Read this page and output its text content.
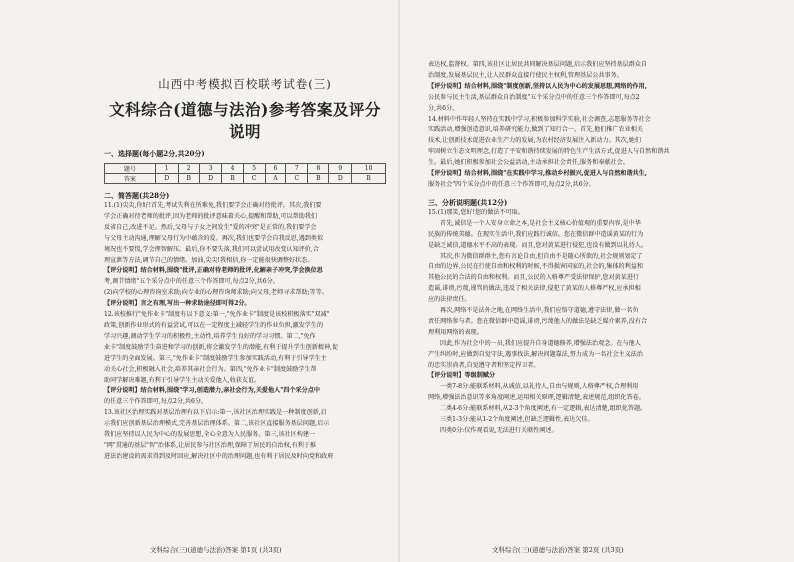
山西中考模拟百校联考试卷(三)
文科综合(道德与法治)参考答案及评分说明
一、选择题(每小题2分,共20分)
题号	1	2	3	4	5	6	7	8	9	10
答案	D	B	D	B	C	A	C	B	D	B
二、简答题(共28分)

11.(1)尖尖,你好!首先,考试失利在所难免,我们要学会正确对待批评。其次,我们要

学会正确对待老师的批评,因为老师的批评意味着关心,提醒和帮助,可以帮助我们

反省自己,改进不足。然后,父母与子女之间发生"爱的冲突"是正常的,我们要学会

与父母主动沟通,理解父母行为中蕴含的爱。再次,我们也要学会自我反思,遇到类似

境况也不要慌,学会理智解压。最后,你不要失落,我们可以尝试用改变认知评价,合

理宣泄等方法,调节自己的情绪。加油,尖尖!我相信,你一定能很快调整好状态。

【评分说明】结合材料,围绕"批评,正确对待老师的批评,化解亲子冲突,学会换位思

考,调节情绪"五个采分点中的任意三个作答即可,每点2分,共6分。

(2)向学校的心理咨询室求助;向专业的心理咨询师求助;向父母,老师寻求帮助;等等。

【评分说明】言之有理,写出一种求助途径即可得2分。

12.该校推行"免作业卡"制度有以下意义:第一,"免作业卡"制度是该校积极落实"双减"

政策,创新作业形式的有益尝试,可以在一定程度上减轻学生的作业负担,激发学生的

学习兴趣,调动学生学习的积极性,主动性,培养学生良好的学习习惯。第二,"免作

业卡"制度鼓励学生奋进和学习的创新,将会激发学生的潜能,有利于提升学生创新精神,促

进学生的全面发展。第三,"免作业卡"制度鼓励学生参加实践活动,有利于引导学生主

动关心社会,积极融入社会,培养其亲社会行为。第四,"免作业卡"制度鼓励学生帮

助同学解决难题,有利于引导学生主动关爱他人,收获友谊。

【评分说明】结合材料,围绕"学习,创造潜力,亲社会行为,关爱他人"四个采分点中

的任意三个作答即可,每点2分,共6分。

13.该社区治理实践对基层治理有以下启示:第一,该社区治理实践是一种制度创新,启

示我们应创新基层治理模式,完善基层治理体系。第二,该社区直接服务基层问题,启示

我们应坚持以人民为中心的发展思想,全心全意为人民服务。第三,该社区构建一

"网"贯通的基层"智"治体系,让居民参与社区治理,保障了居民的自治权,有利于推

进法治建设的需求得到及时回应,解决社区中的治理问题,也有利于居民及时向党和政府

文科综合(三)(道德与法治)答案 第1页 (共3页)

表达权,监督权。第四,该社区让居民共同解决基层问题,启示我们应坚持基层群众自

治制度,发展基层民主,让人民群众直接行使民主权利,管理基层公共事务。

【评分说明】结合材料,围绕"制度创新,坚持以人民为中心的发展思想,网络的作用,

公民参与民主生活,基层群众自治制度"五个采分点中的任意三个作答即可,每点2

分,共6分。

14.材料中作年轻人坚持在实践中学习,积极参加科学实验,社会调查,志愿服务等社会

实践活动,增强创造意识,培养研究能力,做到了知行合一。首先,他们推广农业相关

技术,让创新技术促进农业生产力的发展,为农村经济发展注入新动力。其次,她们

牢固树立生态文明理念,打造了平安和谐持续发展的特色生产生活方式,促进人与自然和谐共

生。最后,她们积极参加社会公益活动,主动承担社会责任,服务和奉献社会。

【评分说明】结合材料,围绕"在实践中学习,推动乡村振兴,促进人与自然和谐共生,

服务社会"四个采分点中的任意三个作答即可,每点2分,共6分。

三、分析说明题(共12分)

15.(1)那笑,您好!您的做法不可取。

首先,诚信是一个人安身立命之本,是社会主义核心价值观的重要内容,是中华

民族的传统美德。在现实生活中,我们应践行诚信。您在微信群中造谣黄某的行为

是缺乏诚信,道德水平不高的表现。而且,您对黄某进行侵犯,也没有做到以礼待人。

其次,作为微信群群主,您有言论自由,但自由不是随心所欲的,社会规则划定了

自由的边界,公民在行使自由和权利的时候,不得损害国家的,社会的,集体的利益和

其他公民的合法的自由和权利。而且,公民的人格尊严受法律保护,您对黄某进行

造谣,诽谤,污蔑,谩骂的做法,违反了相关法律,侵犯了黄某的人格尊严权,应承担相

应的法律责任。

再次,网络不是法外之地,在网络生活中,我们应恪守道德,遵守法律,做一名负

责任网络参与者。您在微信群中造谣,诽谤,污蔑他人的做法是缺乏媒介素养,没有合

理利用网络的表现。

因此,作为社会中的一员,我们应提升自身道德修养,增强法治观念。在与他人

产生纠纷时,应做到自觉守法,遇事找法,解决问题靠法,努力成为一名社会主义法治

的忠实崇尚者,自觉遵守者和坚定捍卫者。

【评分说明】等级制赋分

一类7-8分:能联系材料,从诚信,以礼待人,自由与规则,人格尊严权,合理利用

网络,增强法治意识等多角度阐述,运用相关原理,逻辑清楚,表述规范,组织化答卷。

二类4-6分:能联系材料,从2-3个角度阐述,有一定逻辑,表达清楚,组织化答题。

三类1-3分:能从1-2个角度阐述,但缺乏逻辑性,表达欠佳。

四类0分:仅作观看说,无法进行关联性阐述。

文科综合(三)(道德与法治)答案 第2页 (共3页)
